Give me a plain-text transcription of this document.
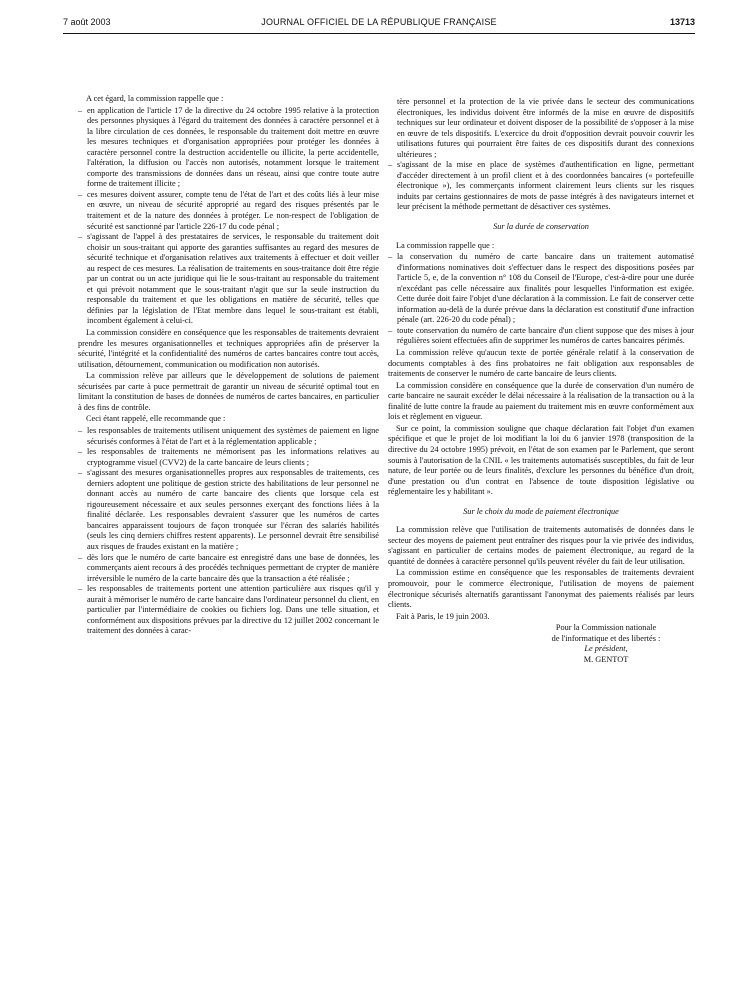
7 août 2003	JOURNAL OFFICIEL DE LA RÉPUBLIQUE FRANÇAISE	13713

A cet égard, la commission rappelle que :

– en application de l'article 17 de la directive du 24 octobre 1995 relative à la protection des personnes physiques à l'égard du traitement des données à caractère personnel et à la libre circulation de ces données, le responsable du traitement doit mettre en œuvre les mesures techniques et d'organisation appropriées pour protéger les données à caractère personnel contre la destruction accidentelle ou illicite, la perte accidentelle, l'altération, la diffusion ou l'accès non autorisés, notamment lorsque le traitement comporte des transmissions de données dans un réseau, ainsi que contre toute autre forme de traitement illicite ;
– ces mesures doivent assurer, compte tenu de l'état de l'art et des coûts liés à leur mise en œuvre, un niveau de sécurité approprié au regard des risques présentés par le traitement et de la nature des données à protéger. Le non-respect de l'obligation de sécurité est sanctionné par l'article 226-17 du code pénal ;
– s'agissant de l'appel à des prestataires de services, le responsable du traitement doit choisir un sous-traitant qui apporte des garanties suffisantes au regard des mesures de sécurité technique et d'organisation relatives aux traitements à effectuer et doit veiller au respect de ces mesures. La réalisation de traitements en sous-traitance doit être régie par un contrat ou un acte juridique qui lie le sous-traitant au responsable du traitement et qui prévoit notamment que le sous-traitant n'agit que sur la seule instruction du responsable du traitement et que les obligations en matière de sécurité, telles que définies par la législation de l'Etat membre dans lequel le sous-traitant est établi, incombent également à celui-ci.

La commission considère en conséquence que les responsables de traitements devraient prendre les mesures organisationnelles et techniques appropriées afin de préserver la sécurité, l'intégrité et la confidentialité des numéros de cartes bancaires contre tout accès, utilisation, détournement, communication ou modification non autorisés.

La commission relève par ailleurs que le développement de solutions de paiement sécurisées par carte à puce permettrait de garantir un niveau de sécurité optimal tout en limitant la constitution de bases de données de numéros de cartes bancaires, en particulier à des fins de contrôle.

Ceci étant rappelé, elle recommande que :

– les responsables de traitements utilisent uniquement des systèmes de paiement en ligne sécurisés conformes à l'état de l'art et à la réglementation applicable ;
– les responsables de traitements ne mémorisent pas les informations relatives au cryptogramme visuel (CVV2) de la carte bancaire de leurs clients ;
– s'agissant des mesures organisationnelles propres aux responsables de traitements, ces derniers adoptent une politique de gestion stricte des habilitations de leur personnel ne donnant accès au numéro de carte bancaire des clients que lorsque cela est rigoureusement nécessaire et aux seules personnes exerçant des fonctions liées à la finalité déclarée. Les responsables devraient s'assurer que les numéros de cartes bancaires apparaissent toujours de façon tronquée sur l'écran des salariés habilités (seuls les cinq derniers chiffres restent apparents). Le personnel devrait être sensibilisé aux risques de fraudes existant en la matière ;
– dès lors que le numéro de carte bancaire est enregistré dans une base de données, les commerçants aient recours à des procédés techniques permettant de crypter de manière irréversible le numéro de la carte bancaire dès que la transaction a été réalisée ;
– les responsables de traitements portent une attention particulière aux risques qu'il y aurait à mémoriser le numéro de carte bancaire dans l'ordinateur personnel du client, en particulier par l'intermédiaire de cookies ou fichiers log. Dans une telle situation, et conformément aux dispositions prévues par la directive du 12 juillet 2002 concernant le traitement des données à carac-
tère personnel et la protection de la vie privée dans le secteur des communications électroniques, les individus doivent être informés de la mise en œuvre de dispositifs techniques sur leur ordinateur et doivent disposer de la possibilité de s'opposer à la mise en œuvre de tels dispositifs. L'exercice du droit d'opposition devrait pouvoir couvrir les utilisations futures qui pourraient être faites de ces dispositifs durant des connexions ultérieures ;
– s'agissant de la mise en place de systèmes d'authentification en ligne, permettant d'accéder directement à un profil client et à des coordonnées bancaires (« portefeuille électronique »), les commerçants informent clairement leurs clients sur les risques induits par certains gestionnaires de mots de passe intégrés à des navigateurs internet et leur précisent la méthode permettant de désactiver ces systèmes.

Sur la durée de conservation

La commission rappelle que :

– la conservation du numéro de carte bancaire dans un traitement automatisé d'informations nominatives doit s'effectuer dans le respect des dispositions posées par l'article 5, e, de la convention n° 108 du Conseil de l'Europe, c'est-à-dire pour une durée n'excédant pas celle nécessaire aux finalités pour lesquelles l'information est exigée. Cette durée doit faire l'objet d'une déclaration à la commission. Le fait de conserver cette information au-delà de la durée prévue dans la déclaration est constitutif d'une infraction pénale (art. 226-20 du code pénal) ;
– toute conservation du numéro de carte bancaire d'un client suppose que des mises à jour régulières soient effectuées afin de supprimer les numéros de cartes bancaires périmés.

La commission relève qu'aucun texte de portée générale relatif à la conservation de documents comptables à des fins probatoires ne fait obligation aux responsables de traitements de conserver le numéro de carte bancaire de leurs clients.

La commission considère en conséquence que la durée de conservation d'un numéro de carte bancaire ne saurait excéder le délai nécessaire à la réalisation de la transaction ou à la finalité de lutte contre la fraude au paiement du traitement mis en œuvre conformément aux lois et règlement en vigueur.

Sur ce point, la commission souligne que chaque déclaration fait l'objet d'un examen spécifique et que le projet de loi modifiant la loi du 6 janvier 1978 (transposition de la directive du 24 octobre 1995) prévoit, en l'état de son examen par le Parlement, que seront soumis à l'autorisation de la CNIL « les traitements automatisés susceptibles, du fait de leur nature, de leur portée ou de leurs finalités, d'exclure les personnes du bénéfice d'un droit, d'une prestation ou d'un contrat en l'absence de toute disposition législative ou réglementaire les y habilitant ».

Sur le choix du mode de paiement électronique

La commission relève que l'utilisation de traitements automatisés de données dans le secteur des moyens de paiement peut entraîner des risques pour la vie privée des individus, s'agissant en particulier de certains modes de paiement électronique, au regard de la quantité de données à caractère personnel qu'ils peuvent révéler du fait de leur utilisation.

La commission estime en conséquence que les responsables de traitements devraient promouvoir, pour le commerce électronique, l'utilisation de moyens de paiement électronique sécurisés alternatifs garantissant l'anonymat des paiements réalisés par leurs clients.

Fait à Paris, le 19 juin 2003.

Pour la Commission nationale
de l'informatique et des libertés :
Le président,
M. GENTOT
